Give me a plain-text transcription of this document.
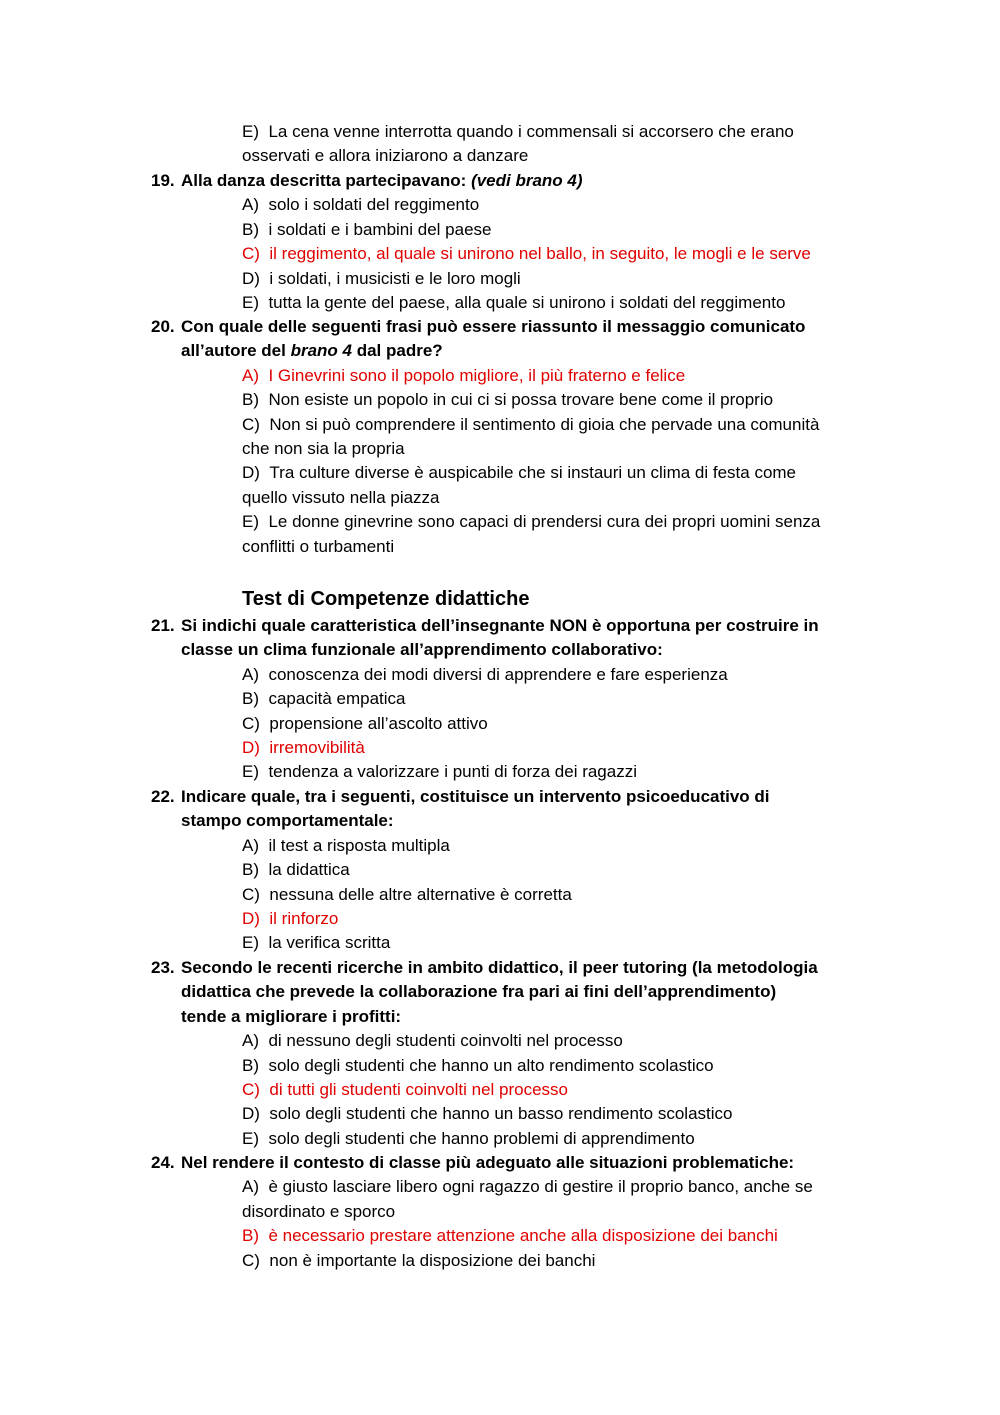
E) La cena venne interrotta quando i commensali si accorsero che erano

osservati e allora iniziarono a danzare

19. Alla danza descritta partecipavano: (vedi brano 4)

A) solo i soldati del reggimento

B) i soldati e i bambini del paese

C) il reggimento, al quale si unirono nel ballo, in seguito, le mogli e le serve

D) i soldati, i musicisti e le loro mogli

E) tutta la gente del paese, alla quale si unirono i soldati del reggimento

20. Con quale delle seguenti frasi può essere riassunto il messaggio comunicato
all’autore del brano 4 dal padre?

A) I Ginevrini sono il popolo migliore, il più fraterno e felice

B) Non esiste un popolo in cui ci si possa trovare bene come il proprio

C) Non si può comprendere il sentimento di gioia che pervade una comunità
che non sia la propria

D) Tra culture diverse è auspicabile che si instauri un clima di festa come
quello vissuto nella piazza

E) Le donne ginevrine sono capaci di prendersi cura dei propri uomini senza
conflitti o turbamenti

Test di Competenze didattiche

21. Si indichi quale caratteristica dell’insegnante NON è opportuna per costruire in
classe un clima funzionale all’apprendimento collaborativo:

A) conoscenza dei modi diversi di apprendere e fare esperienza

B) capacità empatica

C) propensione all’ascolto attivo

D) irremovibilità

E) tendenza a valorizzare i punti di forza dei ragazzi

22. Indicare quale, tra i seguenti, costituisce un intervento psicoeducativo di
stampo comportamentale:

A) il test a risposta multipla

B) la didattica

C) nessuna delle altre alternative è corretta

D) il rinforzo

E) la verifica scritta

23. Secondo le recenti ricerche in ambito didattico, il peer tutoring (la metodologia
didattica che prevede la collaborazione fra pari ai fini dell’apprendimento)
tende a migliorare i profitti:

A) di nessuno degli studenti coinvolti nel processo

B) solo degli studenti che hanno un alto rendimento scolastico

C) di tutti gli studenti coinvolti nel processo

D) solo degli studenti che hanno un basso rendimento scolastico

E) solo degli studenti che hanno problemi di apprendimento

24. Nel rendere il contesto di classe più adeguato alle situazioni problematiche:

A) è giusto lasciare libero ogni ragazzo di gestire il proprio banco, anche se
disordinato e sporco

B) è necessario prestare attenzione anche alla disposizione dei banchi

C) non è importante la disposizione dei banchi
